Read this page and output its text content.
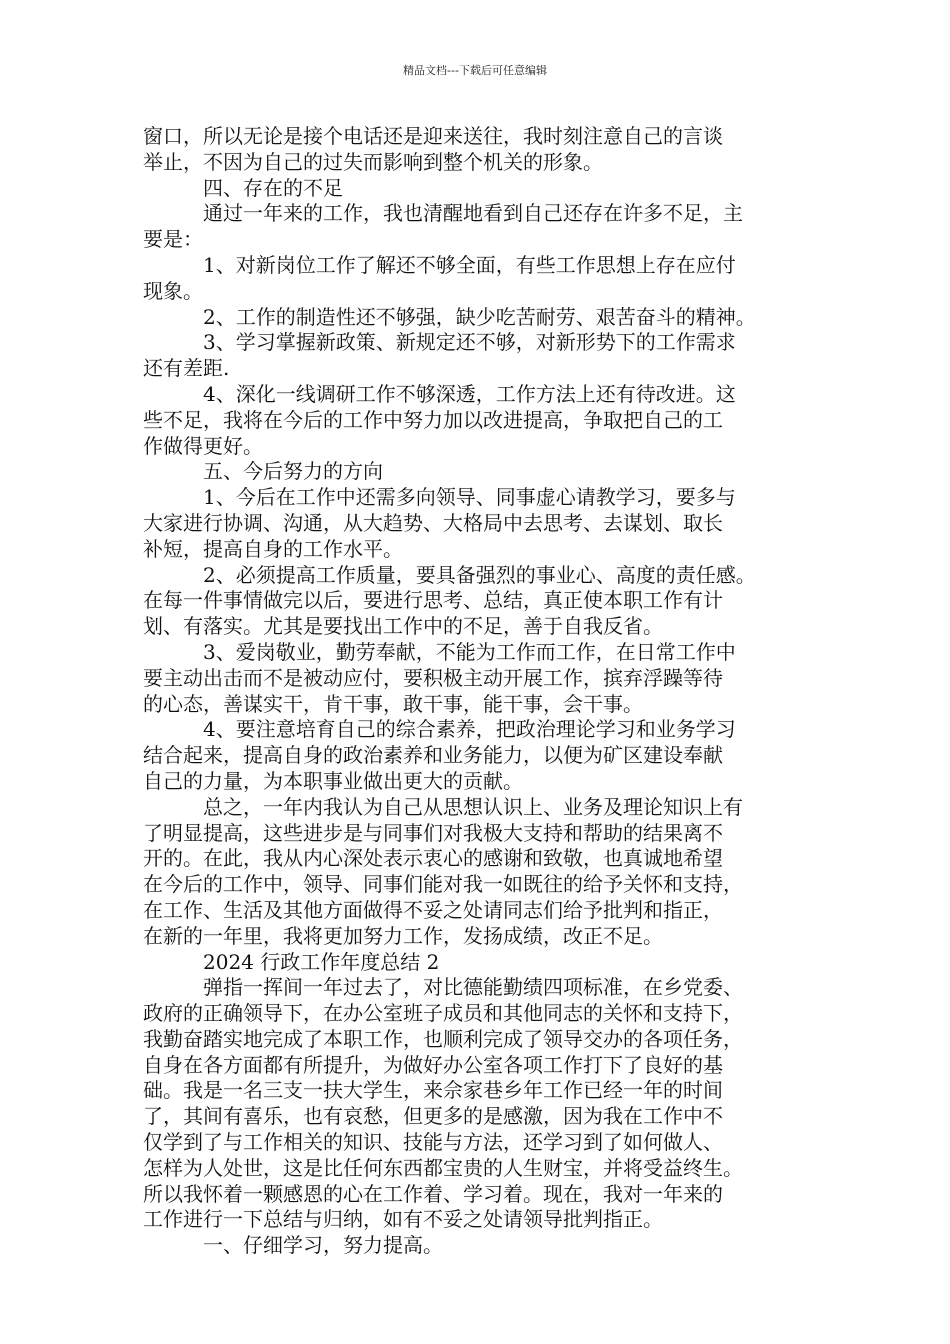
精品文档---下载后可任意编辑
窗口，所以无论是接个电话还是迎来送往，我时刻注意自己的言谈
举止，不因为自己的过失而影响到整个机关的形象。
四、存在的不足
通过一年来的工作，我也清醒地看到自己还存在许多不足，主
要是：
1、对新岗位工作了解还不够全面，有些工作思想上存在应付
现象。
2、工作的制造性还不够强，缺少吃苦耐劳、艰苦奋斗的精神。
3、学习掌握新政策、新规定还不够，对新形势下的工作需求
还有差距.
4、深化一线调研工作不够深透，工作方法上还有待改进。这
些不足，我将在今后的工作中努力加以改进提高，争取把自己的工
作做得更好。
五、今后努力的方向
1、今后在工作中还需多向领导、同事虚心请教学习，要多与
大家进行协调、沟通，从大趋势、大格局中去思考、去谋划、取长
补短，提高自身的工作水平。
2、必须提高工作质量，要具备强烈的事业心、高度的责任感。
在每一件事情做完以后，要进行思考、总结，真正使本职工作有计
划、有落实。尤其是要找出工作中的不足，善于自我反省。
3、爱岗敬业，勤劳奉献，不能为工作而工作，在日常工作中
要主动出击而不是被动应付，要积极主动开展工作，摈弃浮躁等待
的心态，善谋实干，肯干事，敢干事，能干事，会干事。
4、要注意培育自己的综合素养，把政治理论学习和业务学习
结合起来，提高自身的政治素养和业务能力，以便为矿区建设奉献
自己的力量，为本职事业做出更大的贡献。
总之，一年内我认为自己从思想认识上、业务及理论知识上有
了明显提高，这些进步是与同事们对我极大支持和帮助的结果离不
开的。在此，我从内心深处表示衷心的感谢和致敬，也真诚地希望
在今后的工作中，领导、同事们能对我一如既往的给予关怀和支持，
在工作、生活及其他方面做得不妥之处请同志们给予批判和指正，
在新的一年里，我将更加努力工作，发扬成绩，改正不足。
2024 行政工作年度总结 2
弹指一挥间一年过去了，对比德能勤绩四项标准，在乡党委、
政府的正确领导下，在办公室班子成员和其他同志的关怀和支持下，
我勤奋踏实地完成了本职工作，也顺利完成了领导交办的各项任务，
自身在各方面都有所提升，为做好办公室各项工作打下了良好的基
础。我是一名三支一扶大学生，来佘家巷乡年工作已经一年的时间
了，其间有喜乐，也有哀愁，但更多的是感激，因为我在工作中不
仅学到了与工作相关的知识、技能与方法，还学习到了如何做人、
怎样为人处世，这是比任何东西都宝贵的人生财宝，并将受益终生。
所以我怀着一颗感恩的心在工作着、学习着。现在，我对一年来的
工作进行一下总结与归纳，如有不妥之处请领导批判指正。
一、仔细学习，努力提高。
